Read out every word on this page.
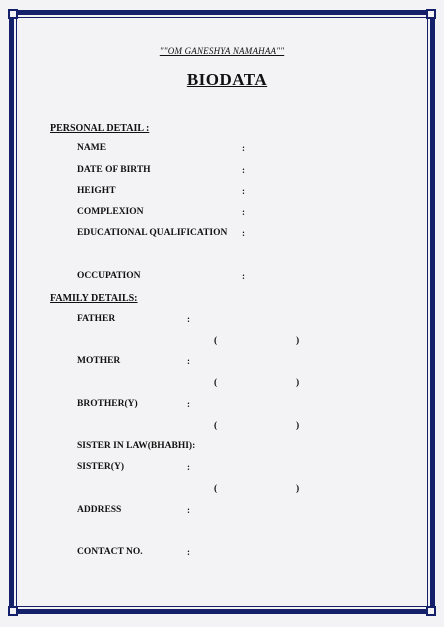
""OM GANESHYA NAMAHAA""
BIODATA
PERSONAL DETAIL :
NAME	:
DATE OF BIRTH	:
HEIGHT	:
COMPLEXION	:
EDUCATIONAL QUALIFICATION :
OCCUPATION	:
FAMILY DETAILS:
FATHER	:
(	)
MOTHER	:
(	)
BROTHER(Y)	:
(	)
SISTER IN LAW(BHABHI):
SISTER(Y)	:
(	)
ADDRESS	:
CONTACT NO.	:
